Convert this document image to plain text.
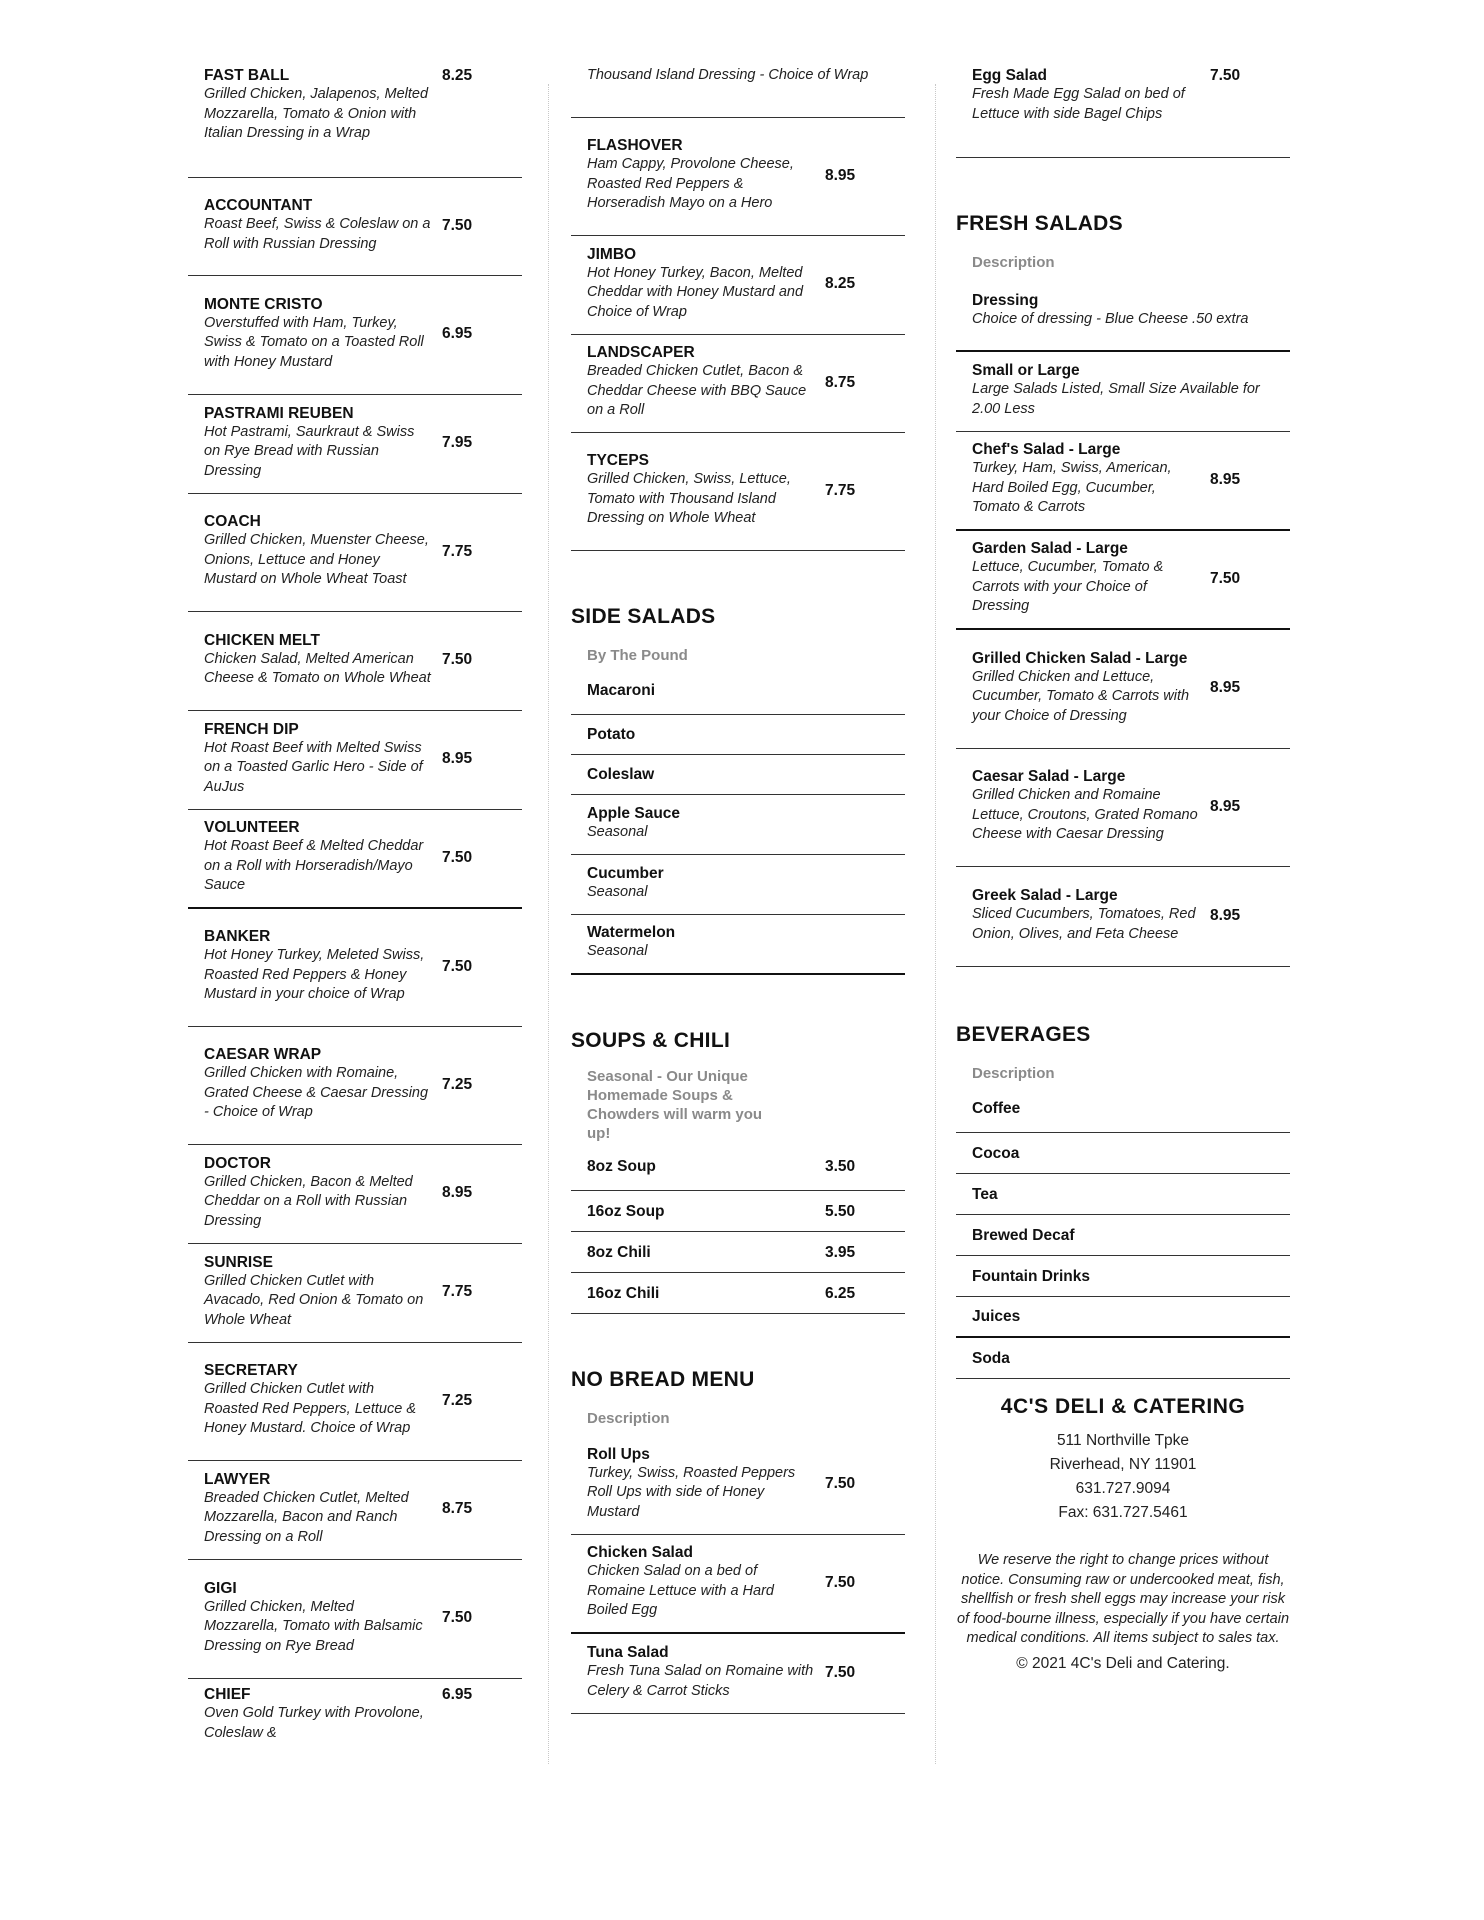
FAST BALL
Grilled Chicken, Jalapenos, Melted Mozzarella, Tomato & Onion with Italian Dressing in a Wrap
8.25
ACCOUNTANT
Roast Beef, Swiss & Coleslaw on a Roll with Russian Dressing
7.50
MONTE CRISTO
Overstuffed with Ham, Turkey, Swiss & Tomato on a Toasted Roll with Honey Mustard
6.95
PASTRAMI REUBEN
Hot Pastrami, Saurkraut & Swiss on Rye Bread with Russian Dressing
7.95
COACH
Grilled Chicken, Muenster Cheese, Onions, Lettuce and Honey Mustard on Whole Wheat Toast
7.75
CHICKEN MELT
Chicken Salad, Melted American Cheese & Tomato on Whole Wheat
7.50
FRENCH DIP
Hot Roast Beef with Melted Swiss on a Toasted Garlic Hero - Side of AuJus
8.95
VOLUNTEER
Hot Roast Beef & Melted Cheddar on a Roll with Horseradish/Mayo Sauce
7.50
BANKER
Hot Honey Turkey, Meleted Swiss, Roasted Red Peppers & Honey Mustard in your choice of Wrap
7.50
CAESAR WRAP
Grilled Chicken with Romaine, Grated Cheese & Caesar Dressing - Choice of Wrap
7.25
DOCTOR
Grilled Chicken, Bacon & Melted Cheddar on a Roll with Russian Dressing
8.95
SUNRISE
Grilled Chicken Cutlet with Avacado, Red Onion & Tomato on Whole Wheat
7.75
SECRETARY
Grilled Chicken Cutlet with Roasted Red Peppers, Lettuce & Honey Mustard. Choice of Wrap
7.25
LAWYER
Breaded Chicken Cutlet, Melted Mozzarella, Bacon and Ranch Dressing on a Roll
8.75
GIGI
Grilled Chicken, Melted Mozzarella, Tomato with Balsamic Dressing on Rye Bread
7.50
CHIEF
Oven Gold Turkey with Provolone, Coleslaw &
6.95
Thousand Island Dressing - Choice of Wrap
FLASHOVER
Ham Cappy, Provolone Cheese, Roasted Red Peppers & Horseradish Mayo on a Hero
8.95
JIMBO
Hot Honey Turkey, Bacon, Melted Cheddar with Honey Mustard and Choice of Wrap
8.25
LANDSCAPER
Breaded Chicken Cutlet, Bacon & Cheddar Cheese with BBQ Sauce on a Roll
8.75
TYCEPS
Grilled Chicken, Swiss, Lettuce, Tomato with Thousand Island Dressing on Whole Wheat
7.75
SIDE SALADS
By The Pound
Macaroni
Potato
Coleslaw
Apple Sauce
Seasonal
Cucumber
Seasonal
Watermelon
Seasonal
SOUPS & CHILI
Seasonal - Our Unique Homemade Soups & Chowders will warm you up!
8oz Soup	3.50
16oz Soup	5.50
8oz Chili	3.95
16oz Chili	6.25
NO BREAD MENU
Description
Roll Ups
Turkey, Swiss, Roasted Peppers Roll Ups with side of Honey Mustard
7.50
Chicken Salad
Chicken Salad on a bed of Romaine Lettuce with a Hard Boiled Egg
7.50
Tuna Salad
Fresh Tuna Salad on Romaine with Celery & Carrot Sticks
7.50
Egg Salad
Fresh Made Egg Salad on bed of Lettuce with side Bagel Chips
7.50
FRESH SALADS
Description
Dressing
Choice of dressing - Blue Cheese .50 extra
Small or Large
Large Salads Listed, Small Size Available for 2.00 Less
Chef's Salad - Large
Turkey, Ham, Swiss, American, Hard Boiled Egg, Cucumber, Tomato & Carrots
8.95
Garden Salad - Large
Lettuce, Cucumber, Tomato & Carrots with your Choice of Dressing
7.50
Grilled Chicken Salad - Large
Grilled Chicken and Lettuce, Cucumber, Tomato & Carrots with your Choice of Dressing
8.95
Caesar Salad - Large
Grilled Chicken and Romaine Lettuce, Croutons, Grated Romano Cheese with Caesar Dressing
8.95
Greek Salad - Large
Sliced Cucumbers, Tomatoes, Red Onion, Olives, and Feta Cheese
8.95
BEVERAGES
Description
Coffee
Cocoa
Tea
Brewed Decaf
Fountain Drinks
Juices
Soda
4C'S DELI & CATERING
511 Northville Tpke
Riverhead, NY 11901
631.727.9094
Fax: 631.727.5461
We reserve the right to change prices without notice. Consuming raw or undercooked meat, fish, shellfish or fresh shell eggs may increase your risk of food-bourne illness, especially if you have certain medical conditions. All items subject to sales tax.
© 2021 4C's Deli and Catering.
